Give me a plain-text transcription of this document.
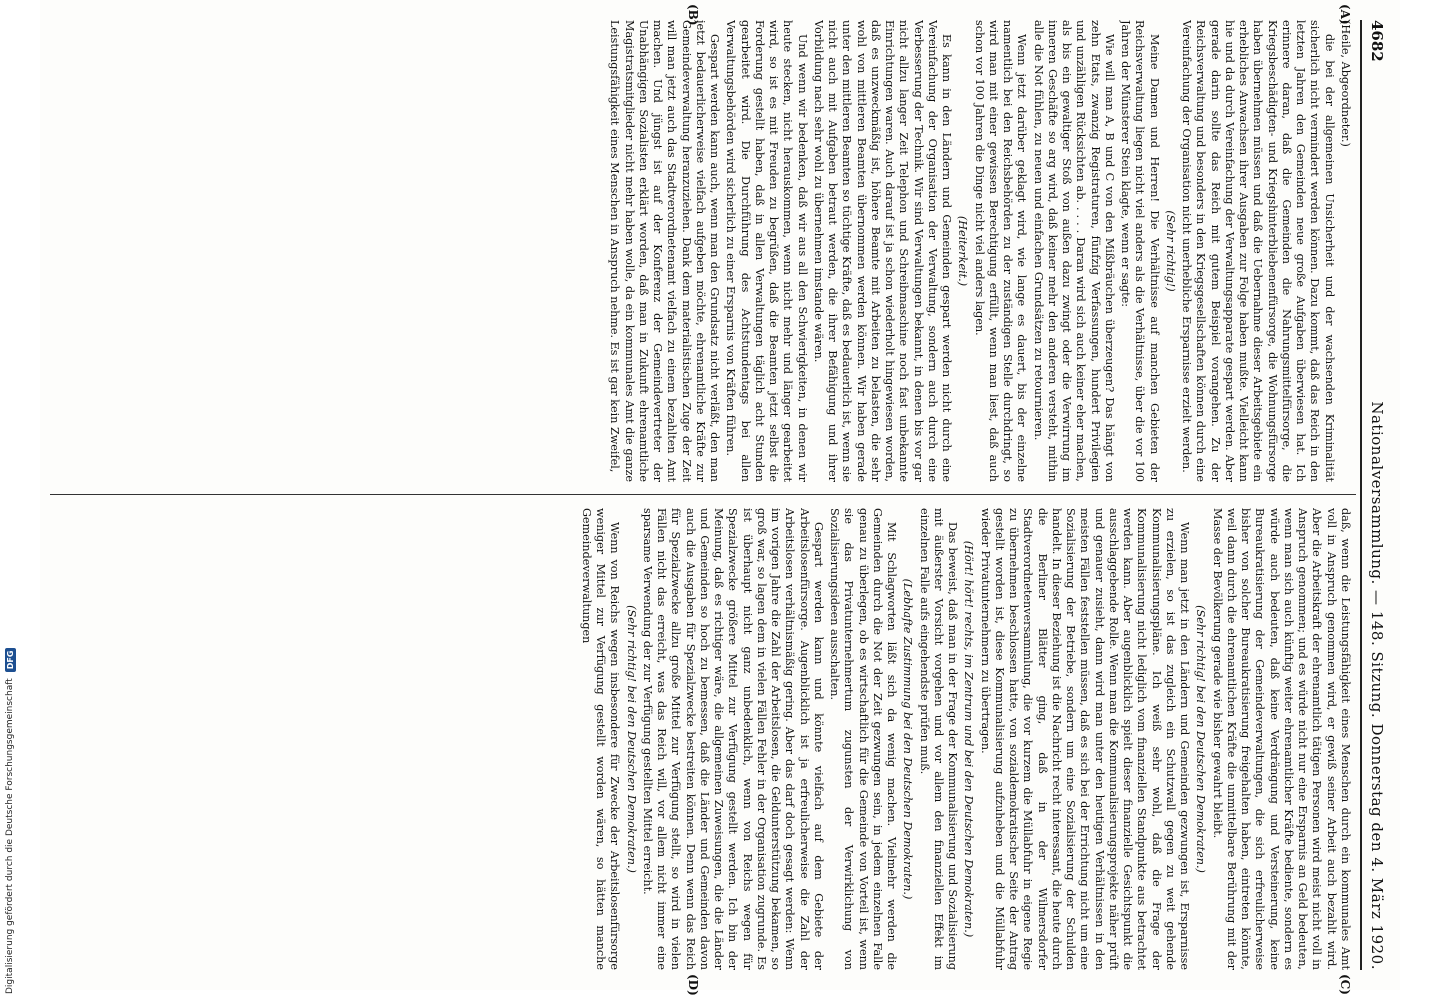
4682
Nationalversammlung. — 148. Sitzung. Donnerstag den 4. März 1920.
(A)
(B)
(C)
(D)

(Heile, Abgeordneter.)

die bei der allgemeinen Unsicherheit und der wachsenden Kriminalität sicherlich nicht vermindert werden können. Dazu kommt, daß das Reich in den letzten Jahren den Gemeinden neue große Aufgaben überwiesen hat. Ich erinnere daran, daß die Gemeinden die Nahrungsmittelfürsorge, die Kriegsbeschädigten- und Kriegshinterbliebenenfürsorge, die Wohnungsfürsorge haben übernehmen müssen und daß die Uebernahme dieser Arbeitsgebiete ein erhebliches Anwachsen ihrer Ausgaben zur Folge haben mußte. Vielleicht kann hie und da durch Vereinfachung der Verwaltungsapparate gespart werden. Aber gerade darin sollte das Reich mit gutem Beispiel vorangehen. Zu der Reichsverwaltung und besonders in den Kriegsgesellschaften können durch eine Vereinfachung der Organisation nicht unerhebliche Ersparnisse erzielt werden.

(Sehr richtig!)

Meine Damen und Herren! Die Verhältnisse auf manchen Gebieten der Reichsverwaltung liegen nicht viel anders als die Verhältnisse, über die vor 100 Jahren der Münsterer Stein klagte, wenn er sagte:

Wie will man A, B und C von den Mißbräuchen überzeugen? Das hängt von zehn Etats, zwanzig Registraturen, fünfzig Verfassungen, hundert Privilegien und unzähligen Rücksichten ab. . . . . Daran wird sich auch keiner eher machen, als bis ein gewaltiger Stoß von außen dazu zwingt oder die Verwirrung im inneren Geschäfte so arg wird, daß keiner mehr den anderen versteht, mithin alle die Not fühlen, zu neuen und einfachen Grundsätzen zu retournieren.

Wenn jetzt darüber geklagt wird, wie lange es dauert, bis der einzelne namentlich bei den Reichsbehörden zu der zuständigen Stelle durchdringt, so wird man mit einer gewissen Berechtigung erfüllt, wenn man liest, daß auch schon vor 100 Jahren die Dinge nicht viel anders lagen.

(Heiterkeit.)

Es kann in den Ländern und Gemeinden gespart werden nicht durch eine Vereinfachung der Organisation der Verwaltung, sondern auch durch eine Verbesserung der Technik. Wir sind Verwaltungen bekannt, in denen bis vor gar nicht allzu langer Zeit Telephon und Schreibmaschine noch fast unbekannte Einrichtungen waren. Auch darauf ist ja schon wiederholt hingewiesen worden, daß es unzweckmäßig ist, höhere Beamte mit Arbeiten zu belasten, die sehr wohl von mittleren Beamten übernommen werden können. Wir haben gerade unter den mittleren Beamten so tüchtige Kräfte, daß es bedauerlich ist, wenn sie nicht auch mit Aufgaben betraut werden, die ihrer Befähigung und ihrer Vorbildung nach sehr wohl zu übernehmen imstande wären.

Und wenn wir bedenken, daß wir aus all den Schwierigkeiten, in denen wir heute stecken, nicht herauskommen, wenn nicht mehr und länger gearbeitet wird, so ist es mit Freuden zu begrüßen, daß die Beamten jetzt selbst die Forderung gestellt haben, daß in allen Verwaltungen täglich acht Stunden gearbeitet wird. Die Durchführung des Achtstundentags bei allen Verwaltungsbehörden wird sicherlich zu einer Ersparnis von Kräften führen.

Gespart werden kann auch, wenn man den Grundsatz nicht verläßt, den man jetzt bedauerlicherweise vielfach aufgeben möchte, ehrenamtliche Kräfte zur Gemeindeverwaltung heranzuziehen. Dank dem materialistischen Zuge der Zeit will man jetzt auch das Stadtverordnetenamt vielfach zu einem bezahlten Amt machen. Und jüngst ist auf der Konferenz der Gemeindevertreter der Unabhängigen Sozialisten erklärt worden, daß man in Zukunft ehrenamtliche Magistratsmitglieder nicht mehr haben wolle, da ein kommunales Amt die ganze Leistungsfähigkeit eines Menschen in Anspruch nehme. Es ist gar kein Zweifel,

daß, wenn die Leistungsfähigkeit eines Menschen durch ein kommunales Amt voll in Anspruch genommen wird, er gewiß seiner Arbeit auch bezahlt wird. Aber die Arbeitskraft der ehrenamtlich tätigen Personen wird meist nicht voll in Anspruch genommen; und es würde nicht nur eine Ersparnis an Geld bedeuten, wenn man sich auch künftig weiter ehrenamtlicher Kräfte bediente, sondern es würde auch bedeuten, daß keine Verdrängung und Versteinerung, keine Bureaukratisierung der Gemeindeverwaltungen, die sich erfreulicherweise bisher von solcher Bureaukratisierung freigehalten haben, eintreten könnte, weil dann durch die ehrenamtlichen Kräfte die unmittelbare Berührung mit der Masse der Bevölkerung gerade wie bisher gewahrt bleibt.

(Sehr richtig! bei den Deutschen Demokraten.)

Wenn man jetzt in den Ländern und Gemeinden gezwungen ist, Ersparnisse zu erzielen, so ist das zugleich ein Schutzwall gegen zu weit gehende Kommunalisierungspläne. Ich weiß sehr wohl, daß die Frage der Kommunalisierung nicht lediglich vom finanziellen Standpunkte aus betrachtet werden kann. Aber augenblicklich spielt dieser finanzielle Gesichtspunkt die ausschlaggebende Rolle. Wenn man die Kommunalisierungsprojekte näher prüft und genauer zusieht, dann wird man unter den heutigen Verhältnissen in den meisten Fällen feststellen müssen, daß es sich bei der Errichtung nicht um eine Sozialisierung der Betriebe, sondern um eine Sozialisierung der Schulden handelt. In dieser Beziehung ist die Nachricht recht interessant, die heute durch die Berliner Blätter ging, daß in der Wilmersdorfer Stadtverordnetenversammlung, die vor kurzem die Müllabfuhr in eigene Regie zu übernehmen beschlossen hatte, von sozialdemokratischer Seite der Antrag gestellt worden ist, diese Kommunalisierung aufzuheben und die Müllabfuhr wieder Privatunternehmern zu übertragen.

(Hört! hört! rechts, im Zentrum und bei den Deutschen Demokraten.)

Das beweist, daß man in der Frage der Kommunalisierung und Sozialisierung mit äußerster Vorsicht vorgehen und vor allem den finanziellen Effekt im einzelnen Falle aufs eingehendste prüfen muß.

(Lebhafte Zustimmung bei den Deutschen Demokraten.)

Mit Schlagworten läßt sich da wenig machen. Vielmehr werden die Gemeinden durch die Not der Zeit gezwungen sein, in jedem einzelnen Falle genau zu überlegen, ob es wirtschaftlich für die Gemeinde von Vorteil ist, wenn sie das Privatunternehmertum zugunsten der Verwirklichung von Sozialisierungsideen ausschalten.

Gespart werden kann und könnte vielfach auf dem Gebiete der Arbeitslosenfürsorge. Augenblicklich ist ja erfreulicherweise die Zahl der Arbeitslosen verhältnismäßig gering. Aber das darf doch gesagt werden: Wenn im vorigen Jahre die Zahl der Arbeitslosen, die Geldunterstützung bekamen, so groß war, so lagen dem in vielen Fällen Fehler in der Organisation zugrunde. Es ist überhaupt nicht ganz unbedenklich, wenn von Reichs wegen für Spezialzwecke größere Mittel zur Verfügung gestellt werden. Ich bin der Meinung, daß es richtiger wäre, die allgemeinen Zuweisungen, die die Länder und Gemeinden so hoch zu bemessen, daß die Länder und Gemeinden davon auch die Ausgaben für Spezialzwecke bestreiten können. Denn wenn das Reich für Spezialzwecke allzu große Mittel zur Verfügung stellt, so wird in vielen Fällen nicht das erreicht, was das Reich will, vor allem nicht immer eine sparsame Verwendung der zur Verfügung gestellten Mittel erreicht.

(Sehr richtig! bei den Deutschen Demokraten.)

Wenn von Reichs wegen insbesondere für Zwecke der Arbeitslosenfürsorge weniger Mittel zur Verfügung gestellt worden wären, so hätten manche Gemeindeverwaltungen

Digitalisierung gefördert durch die Deutsche Forschungsgemeinschaft
DFG
